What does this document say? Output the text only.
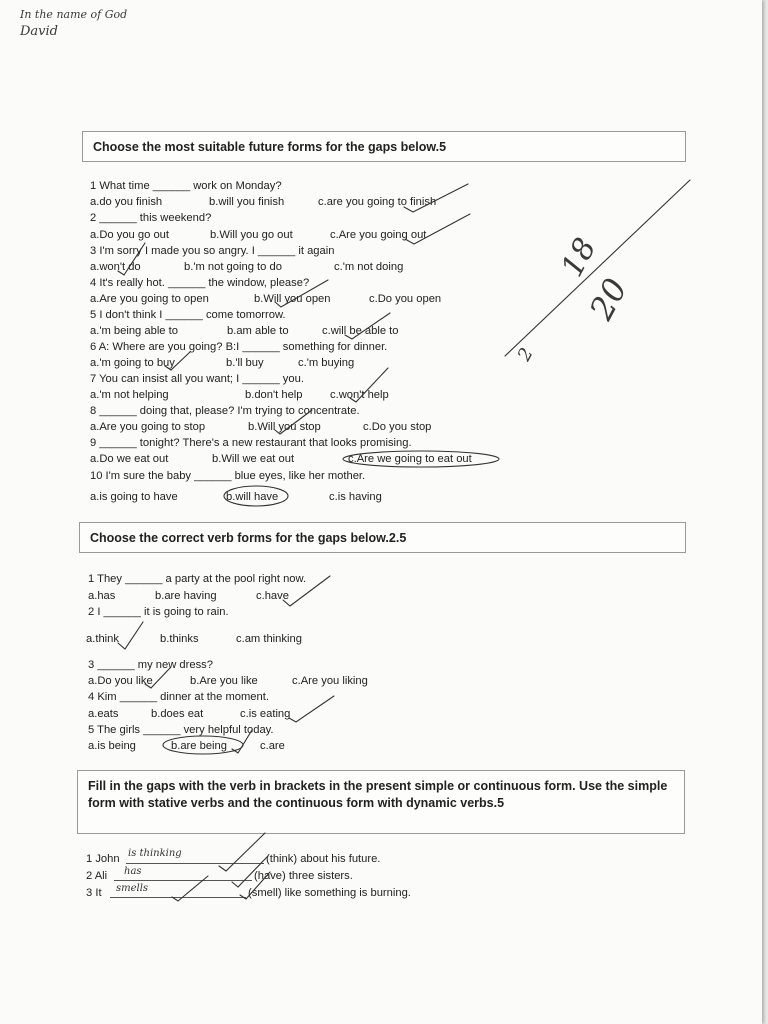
In the name of God
David
Choose the most suitable future forms for the gaps below.5
1 What time ______ work on Monday?
a.do you finish	b.will you finish	c.are you going to finish
2 ______ this weekend?
a.Do you go out	b.Will you go out	c.Are you going out
3 I'm sorry I made you so angry. I ______ it again
a.won't do	b.'m not going to do	c.'m not doing
4 It's really hot. ______ the window, please?
a.Are you going to open	b.Will you open	c.Do you open
5 I don't think I ______ come tomorrow.
a.'m being able to	b.am able to	c.will be able to
6 A: Where are you going? B:I ______ something for dinner.
a.'m going to buy	b.'ll buy	c.'m buying
7 You can insist all you want; I ______ you.
a.'m not helping	b.don't help c.won't help
8 ______ doing that, please? I'm trying to concentrate.
a.Are you going to stop	b.Will you stop	c.Do you stop
9 ______ tonight? There's a new restaurant that looks promising.
a.Do we eat out	b.Will we eat out	c.Are we going to eat out
10 I'm sure the baby ______ blue eyes, like her mother.
a.is going to have	b.will have	c.is having
Choose the correct verb forms for the gaps below.2.5
1 They ______ a party at the pool right now.
a.has	b.are having	c.have
2 I ______ it is going to rain.
a.think	b.thinks	c.am thinking
3 ______ my new dress?
a.Do you like	b.Are you like	c.Are you liking
4 Kim ______ dinner at the moment.
a.eats	b.does eat	c.is eating
5 The girls ______ very helpful today.
a.is being	b.are being	c.are
Fill in the gaps with the verb in brackets in the present simple or continuous form. Use the simple form with stative verbs and the continuous form with dynamic verbs.5
1 John	(think) about his future.
is thinking
2 Ali	(have) three sisters.
has
3 It	(smell) like something is burning.
smells
18
20
2
